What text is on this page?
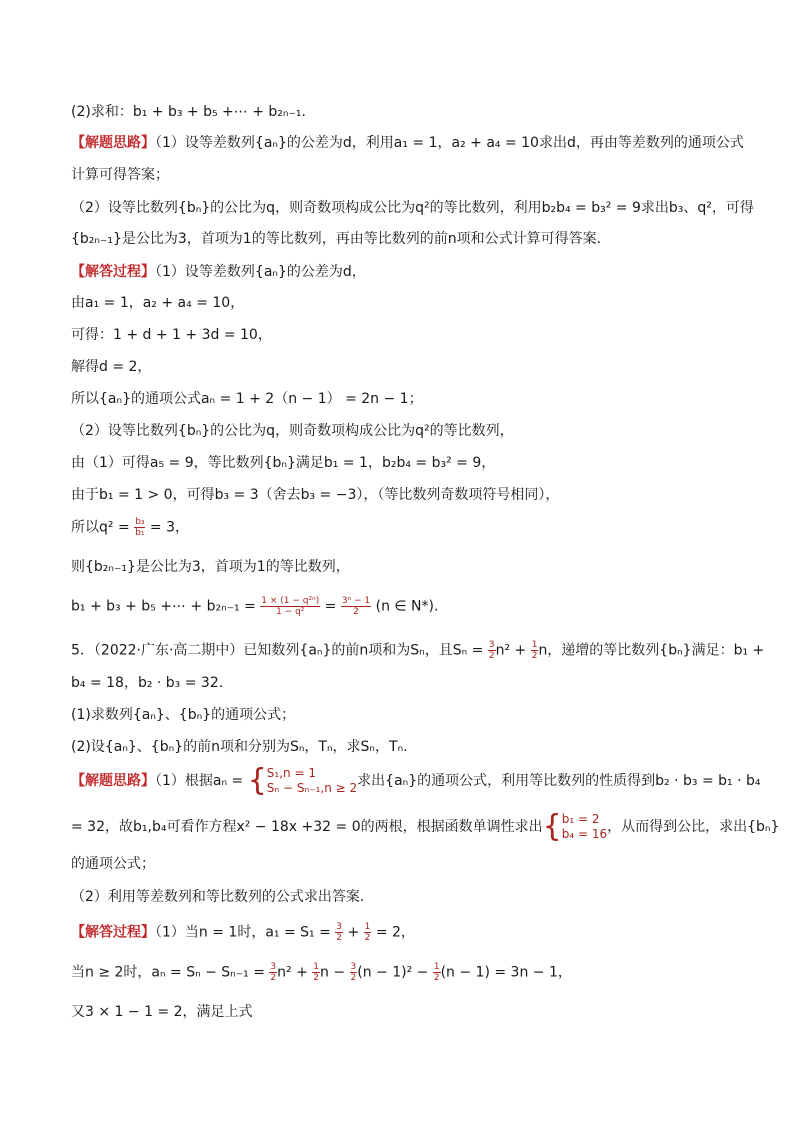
(2)求和：b₁ + b₃ + b₅ +⋯ + b₂ₙ₋₁.
【解题思路】（1）设等差数列{aₙ}的公差为d，利用a₁ = 1，a₂ + a₄ = 10求出d，再由等差数列的通项公式
计算可得答案；
（2）设等比数列{bₙ}的公比为q，则奇数项构成公比为q²的等比数列，利用b₂b₄ = b₃² = 9求出b₃、q²，可得
{b₂ₙ₋₁}是公比为3，首项为1的等比数列，再由等比数列的前n项和公式计算可得答案.
【解答过程】（1）设等差数列{aₙ}的公差为d，
由a₁ = 1，a₂ + a₄ = 10，
可得：1 + d + 1 + 3d = 10，
解得d = 2，
所以{aₙ}的通项公式aₙ = 1 + 2（n − 1） = 2n − 1；
（2）设等比数列{bₙ}的公比为q，则奇数项构成公比为q²的等比数列，
由（1）可得a₅ = 9，等比数列{bₙ}满足b₁ = 1，b₂b₄ = b₃² = 9，
由于b₁ = 1 > 0，可得b₃ = 3（舍去b₃ = −3），（等比数列奇数项符号相同），
所以$q^2 = \frac{\text{b₃}}{\text{b₁}} = 3$，
则{b₂ₙ₋₁}是公比为3，首项为1的等比数列，
b₁ + b₃ + b₅ +⋯ + $b_{2n-1} = \frac{\text{1 × (1 − q²ⁿ)}}{\text{1 − q²}} = \frac{\text{3ⁿ − 1}}{2} (n$ ∈ N*).
5．（2022·广东·高二期中）已知数列{aₙ}的前n项和为Sₙ，且$S_n = \frac{3}{2} n^2 + \frac{1}{2}$ n，递增的等比数列{bₙ}满足：b₁ +
b₄ = 18，b₂ · b₃ = 32．
(1)求数列{aₙ}、{bₙ}的通项公式；
(2)设{aₙ}、{bₙ}的前n项和分别为Sₙ，Tₙ，求Sₙ，Tₙ.
【解题思路】（1）根据aₙ = {S₁,n = 1
Sₙ − Sₙ₋₁,n ≥ 2求出{aₙ}的通项公式，利用等比数列的性质得到b₂ · b₃ = b₁ · b₄
= 32，故b₁,b₄可看作方程x² − 18x +32 = 0的两根，根据函数单调性求出{b₁ = 2
b₄ = 16，从而得到公比，求出{bₙ}
的通项公式；
（2）利用等差数列和等比数列的公式求出答案.
【解答过程】（1）当n = 1时，$a_1 = S_1 = \frac{3}{2} + \frac{1}{2} = 2$，
当n ≥ 2时，$a_n = S_n - S_{n-1} = \frac{3}{2} n^2 + \frac{1}{2}$ $n - \frac{3}{2} (n - 1)^2 - \frac{1}{2} (n - 1) = 3n - 1$，
又3 × 1 − 1 = 2，满足上式
